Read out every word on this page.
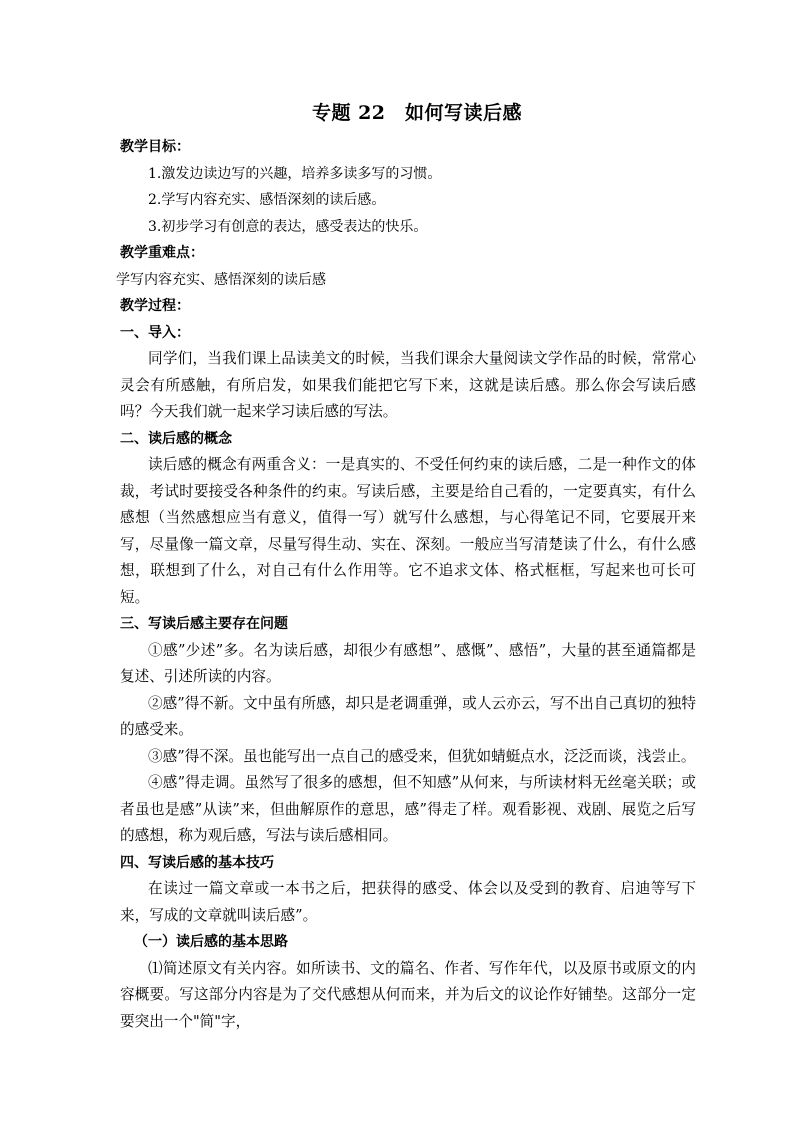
专题 22　如何写读后感
教学目标：
1.激发边读边写的兴趣，培养多读多写的习惯。
2.学写内容充实、感悟深刻的读后感。
3.初步学习有创意的表达，感受表达的快乐。
教学重难点：
学写内容充实、感悟深刻的读后感
教学过程：
一、导入：
同学们，当我们课上品读美文的时候，当我们课余大量阅读文学作品的时候，常常心灵会有所感触，有所启发，如果我们能把它写下来，这就是读后感。那么你会写读后感吗？今天我们就一起来学习读后感的写法。
二、读后感的概念
读后感的概念有两重含义：一是真实的、不受任何约束的读后感，二是一种作文的体裁，考试时要接受各种条件的约束。写读后感，主要是给自己看的，一定要真实，有什么感想（当然感想应当有意义，值得一写）就写什么感想，与心得笔记不同，它要展开来写，尽量像一篇文章，尽量写得生动、实在、深刻。一般应当写清楚读了什么，有什么感想，联想到了什么，对自己有什么作用等。它不追求文体、格式框框，写起来也可长可短。
三、写读后感主要存在问题
①感”少述”多。名为读后感，却很少有感想”、感慨”、感悟”，大量的甚至通篇都是复述、引述所读的内容。
②感”得不新。文中虽有所感，却只是老调重弹，或人云亦云，写不出自己真切的独特的感受来。
③感”得不深。虽也能写出一点自己的感受来，但犹如蜻蜓点水，泛泛而谈，浅尝止。
④感”得走调。虽然写了很多的感想，但不知感”从何来，与所读材料无丝毫关联；或者虽也是感”从读”来，但曲解原作的意思，感”得走了样。观看影视、戏剧、展览之后写的感想，称为观后感，写法与读后感相同。
四、写读后感的基本技巧
在读过一篇文章或一本书之后，把获得的感受、体会以及受到的教育、启迪等写下来，写成的文章就叫读后感”。
（一）读后感的基本思路
⑴简述原文有关内容。如所读书、文的篇名、作者、写作年代，以及原书或原文的内容概要。写这部分内容是为了交代感想从何而来，并为后文的议论作好铺垫。这部分一定要突出一个"简"字，
